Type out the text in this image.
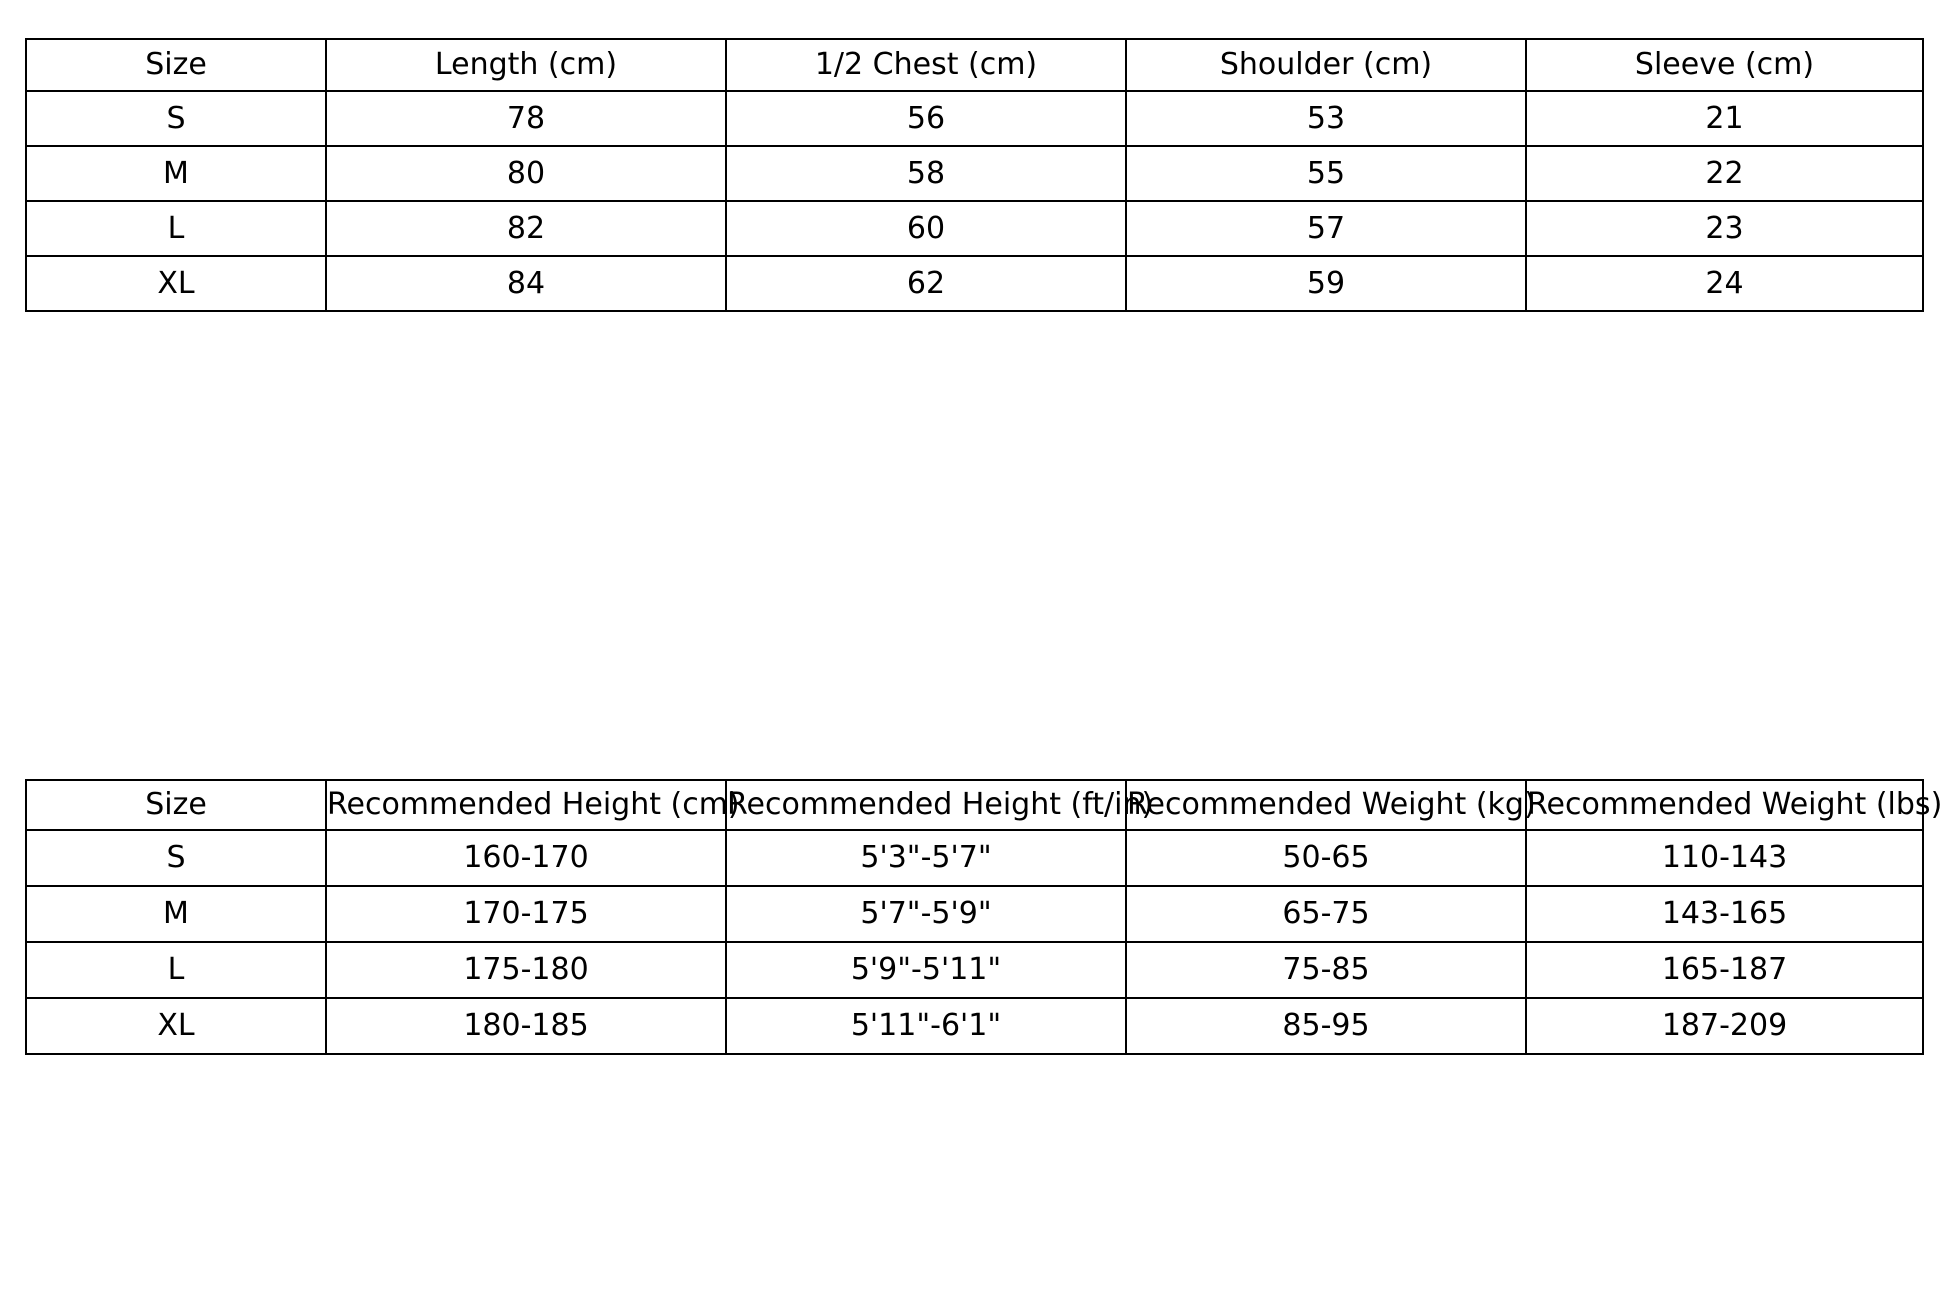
Size	Length (cm)	1/2 Chest (cm)	Shoulder (cm)	Sleeve (cm)
S	78	56	53	21
M	80	58	55	22
L	82	60	57	23
XL	84	62	59	24
Size	Recommended Height (cm)	Recommended Height (ft/in)	Recommended Weight (kg)	Recommended Weight (lbs)

S	160-170	5'3"-5'7"	50-65	110-143
M	170-175	5'7"-5'9"	65-75	143-165
L	175-180	5'9"-5'11"	75-85	165-187
XL	180-185	5'11"-6'1"	85-95	187-209
